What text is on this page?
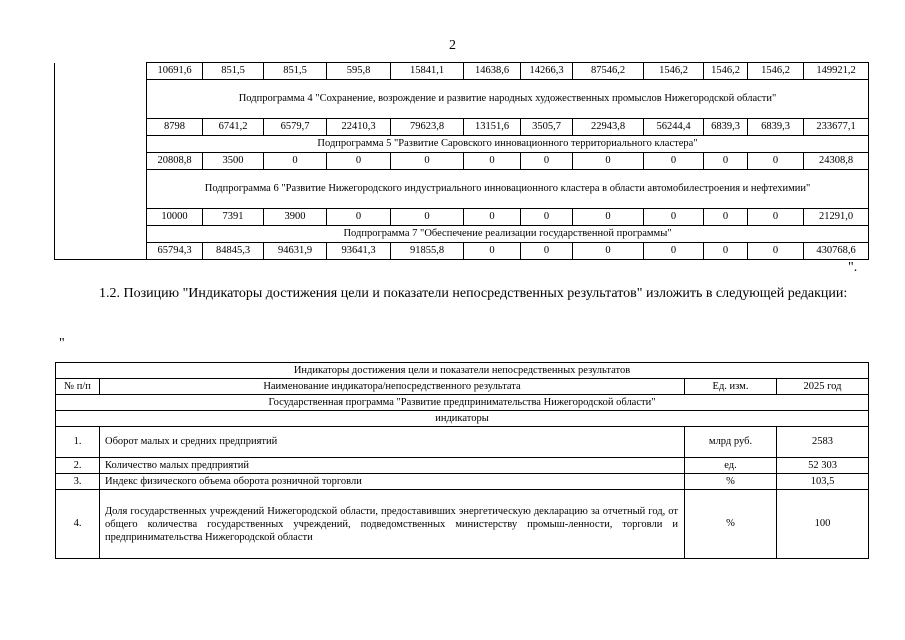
2
	10691,6	851,5	851,5	595,8	15841,1	14638,6	14266,3	87546,2	1546,2	1546,2	1546,2	149921,2
	Подпрограмма 4 "Сохранение, возрождение и развитие народных художественных промыслов Нижегородской области"											
	8798	6741,2	6579,7	22410,3	79623,8	13151,6	3505,7	22943,8	56244,4	6839,3	6839,3	233677,1
	Подпрограмма 5 "Развитие Саровского инновационного территориального кластера"											
	20808,8	3500	0	0	0	0	0	0	0	0	0	24308,8
	Подпрограмма 6 "Развитие Нижегородского индустриального инновационного кластера в области автомобилестроения и нефтехимии"											
	10000	7391	3900	0	0	0	0	0	0	0	0	21291,0
	Подпрограмма 7 "Обеспечение реализации государственной программы"											
	65794,3	84845,3	94631,9	93641,3	91855,8	0	0	0	0	0	0	430768,6
".

1.2. Позицию "Индикаторы достижения цели и показатели непосредственных результатов" изложить в следующей редакции:

"
Индикаторы достижения цели и показатели непосредственных результатов			
№ п/п	Наименование индикатора/непосредственного результата	Ед. изм.	2025 год
Государственная программа "Развитие предпринимательства Нижегородской области"			
индикаторы			
1.	Оборот малых и средних предприятий	млрд руб.	2583
2.	Количество малых предприятий	ед.	52 303
3.	Индекс физического объема оборота розничной торговли	%	103,5
4.	Доля государственных учреждений Нижегородской области, предоставивших энергетическую декларацию за отчетный год, от общего количества государственных учреждений, подведомственных министерству промыш-ленности, торговли и предпринимательства Нижегородской области	%	100
